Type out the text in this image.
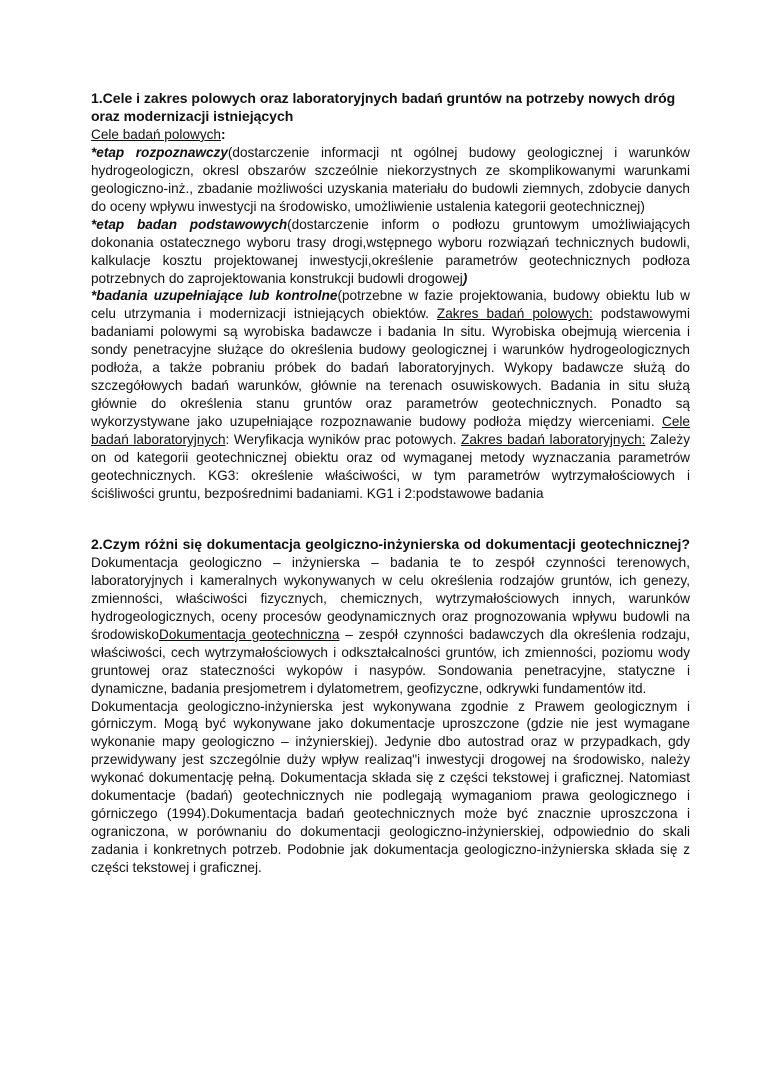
1.Cele i zakres polowych oraz laboratoryjnych badań gruntów na potrzeby nowych dróg oraz modernizacji istniejących

Cele badań polowych:

*etap rozpoznawczy(dostarczenie informacji nt ogólnej budowy geologicznej i warunków hydrogeologiczn, okresl obszarów szczeólnie niekorzystnych ze skomplikowanymi warunkami geologiczno-inż., zbadanie możliwości uzyskania materiału do budowli ziemnych, zdobycie danych do oceny wpływu inwestycji na środowisko, umożliwienie ustalenia kategorii geotechnicznej)

*etap badan podstawowych(dostarczenie inform o podłozu gruntowym umożliwiających dokonania ostatecznego wyboru trasy drogi,wstępnego wyboru rozwiązań technicznych budowli, kalkulacje kosztu projektowanej inwestycji,określenie parametrów geotechnicznych podłoza potrzebnych do zaprojektowania konstrukcji budowli drogowej)

*badania uzupełniające lub kontrolne(potrzebne w fazie projektowania, budowy obiektu lub w celu utrzymania i modernizacji istniejących obiektów. Zakres badań polowych: podstawowymi badaniami polowymi są wyrobiska badawcze i badania In situ. Wyrobiska obejmują wiercenia i sondy penetracyjne służące do określenia budowy geologicznej i warunków hydrogeologicznych podłoża, a także pobraniu próbek do badań laboratoryjnych. Wykopy badawcze służą do szczegółowych badań warunków, głównie na terenach osuwiskowych. Badania in situ służą głównie do określenia stanu gruntów oraz parametrów geotechnicznych. Ponadto są wykorzystywane jako uzupełniające rozpoznawanie budowy podłoża między wierceniami. Cele badań laboratoryjnych: Weryfikacja wyników prac potowych. Zakres badań laboratoryjnych: Zależy on od kategorii geotechnicznej obiektu oraz od wymaganej metody wyznaczania parametrów geotechnicznych. KG3: określenie właściwości, w tym parametrów wytrzymałościowych i ściśliwości gruntu, bezpośrednimi badaniami. KG1 i 2:podstawowe badania

2.Czym różni się dokumentacja geolgiczno-inżynierska od dokumentacji geotechnicznej? Dokumentacja geologiczno – inżynierska – badania te to zespół czynności terenowych, laboratoryjnych i kameralnych wykonywanych w celu określenia rodzajów gruntów, ich genezy, zmienności, właściwości fizycznych, chemicznych, wytrzymałościowych innych, warunków hydrogeologicznych, oceny procesów geodynamicznych oraz prognozowania wpływu budowli na środowiskoDokumentacja geotechniczna – zespół czynności badawczych dla określenia rodzaju, właściwości, cech wytrzymałościowych i odkształcalności gruntów, ich zmienności, poziomu wody gruntowej oraz stateczności wykopów i nasypów. Sondowania penetracyjne, statyczne i dynamiczne, badania presjometrem i dylatometrem, geofizyczne, odkrywki fundamentów itd.

Dokumentacja geologiczno-inżynierska jest wykonywana zgodnie z Prawem geologicznym i górniczym. Mogą być wykonywane jako dokumentacje uproszczone (gdzie nie jest wymagane wykonanie mapy geologiczno – inżynierskiej). Jedynie dbo autostrad oraz w przypadkach, gdy przewidywany jest szczególnie duży wpływ realizaq"i inwestycji drogowej na środowisko, należy wykonać dokumentację pełną. Dokumentacja składa się z części tekstowej i graficznej. Natomiast dokumentacje (badań) geotechnicznych nie podlegają wymaganiom prawa geologicznego i górniczego (1994).Dokumentacja badań geotechnicznych może być znacznie uproszczona i ograniczona, w porównaniu do dokumentacji geologiczno-inżynierskiej, odpowiednio do skali zadania i konkretnych potrzeb. Podobnie jak dokumentacja geologiczno-inżynierska składa się z części tekstowej i graficznej.
